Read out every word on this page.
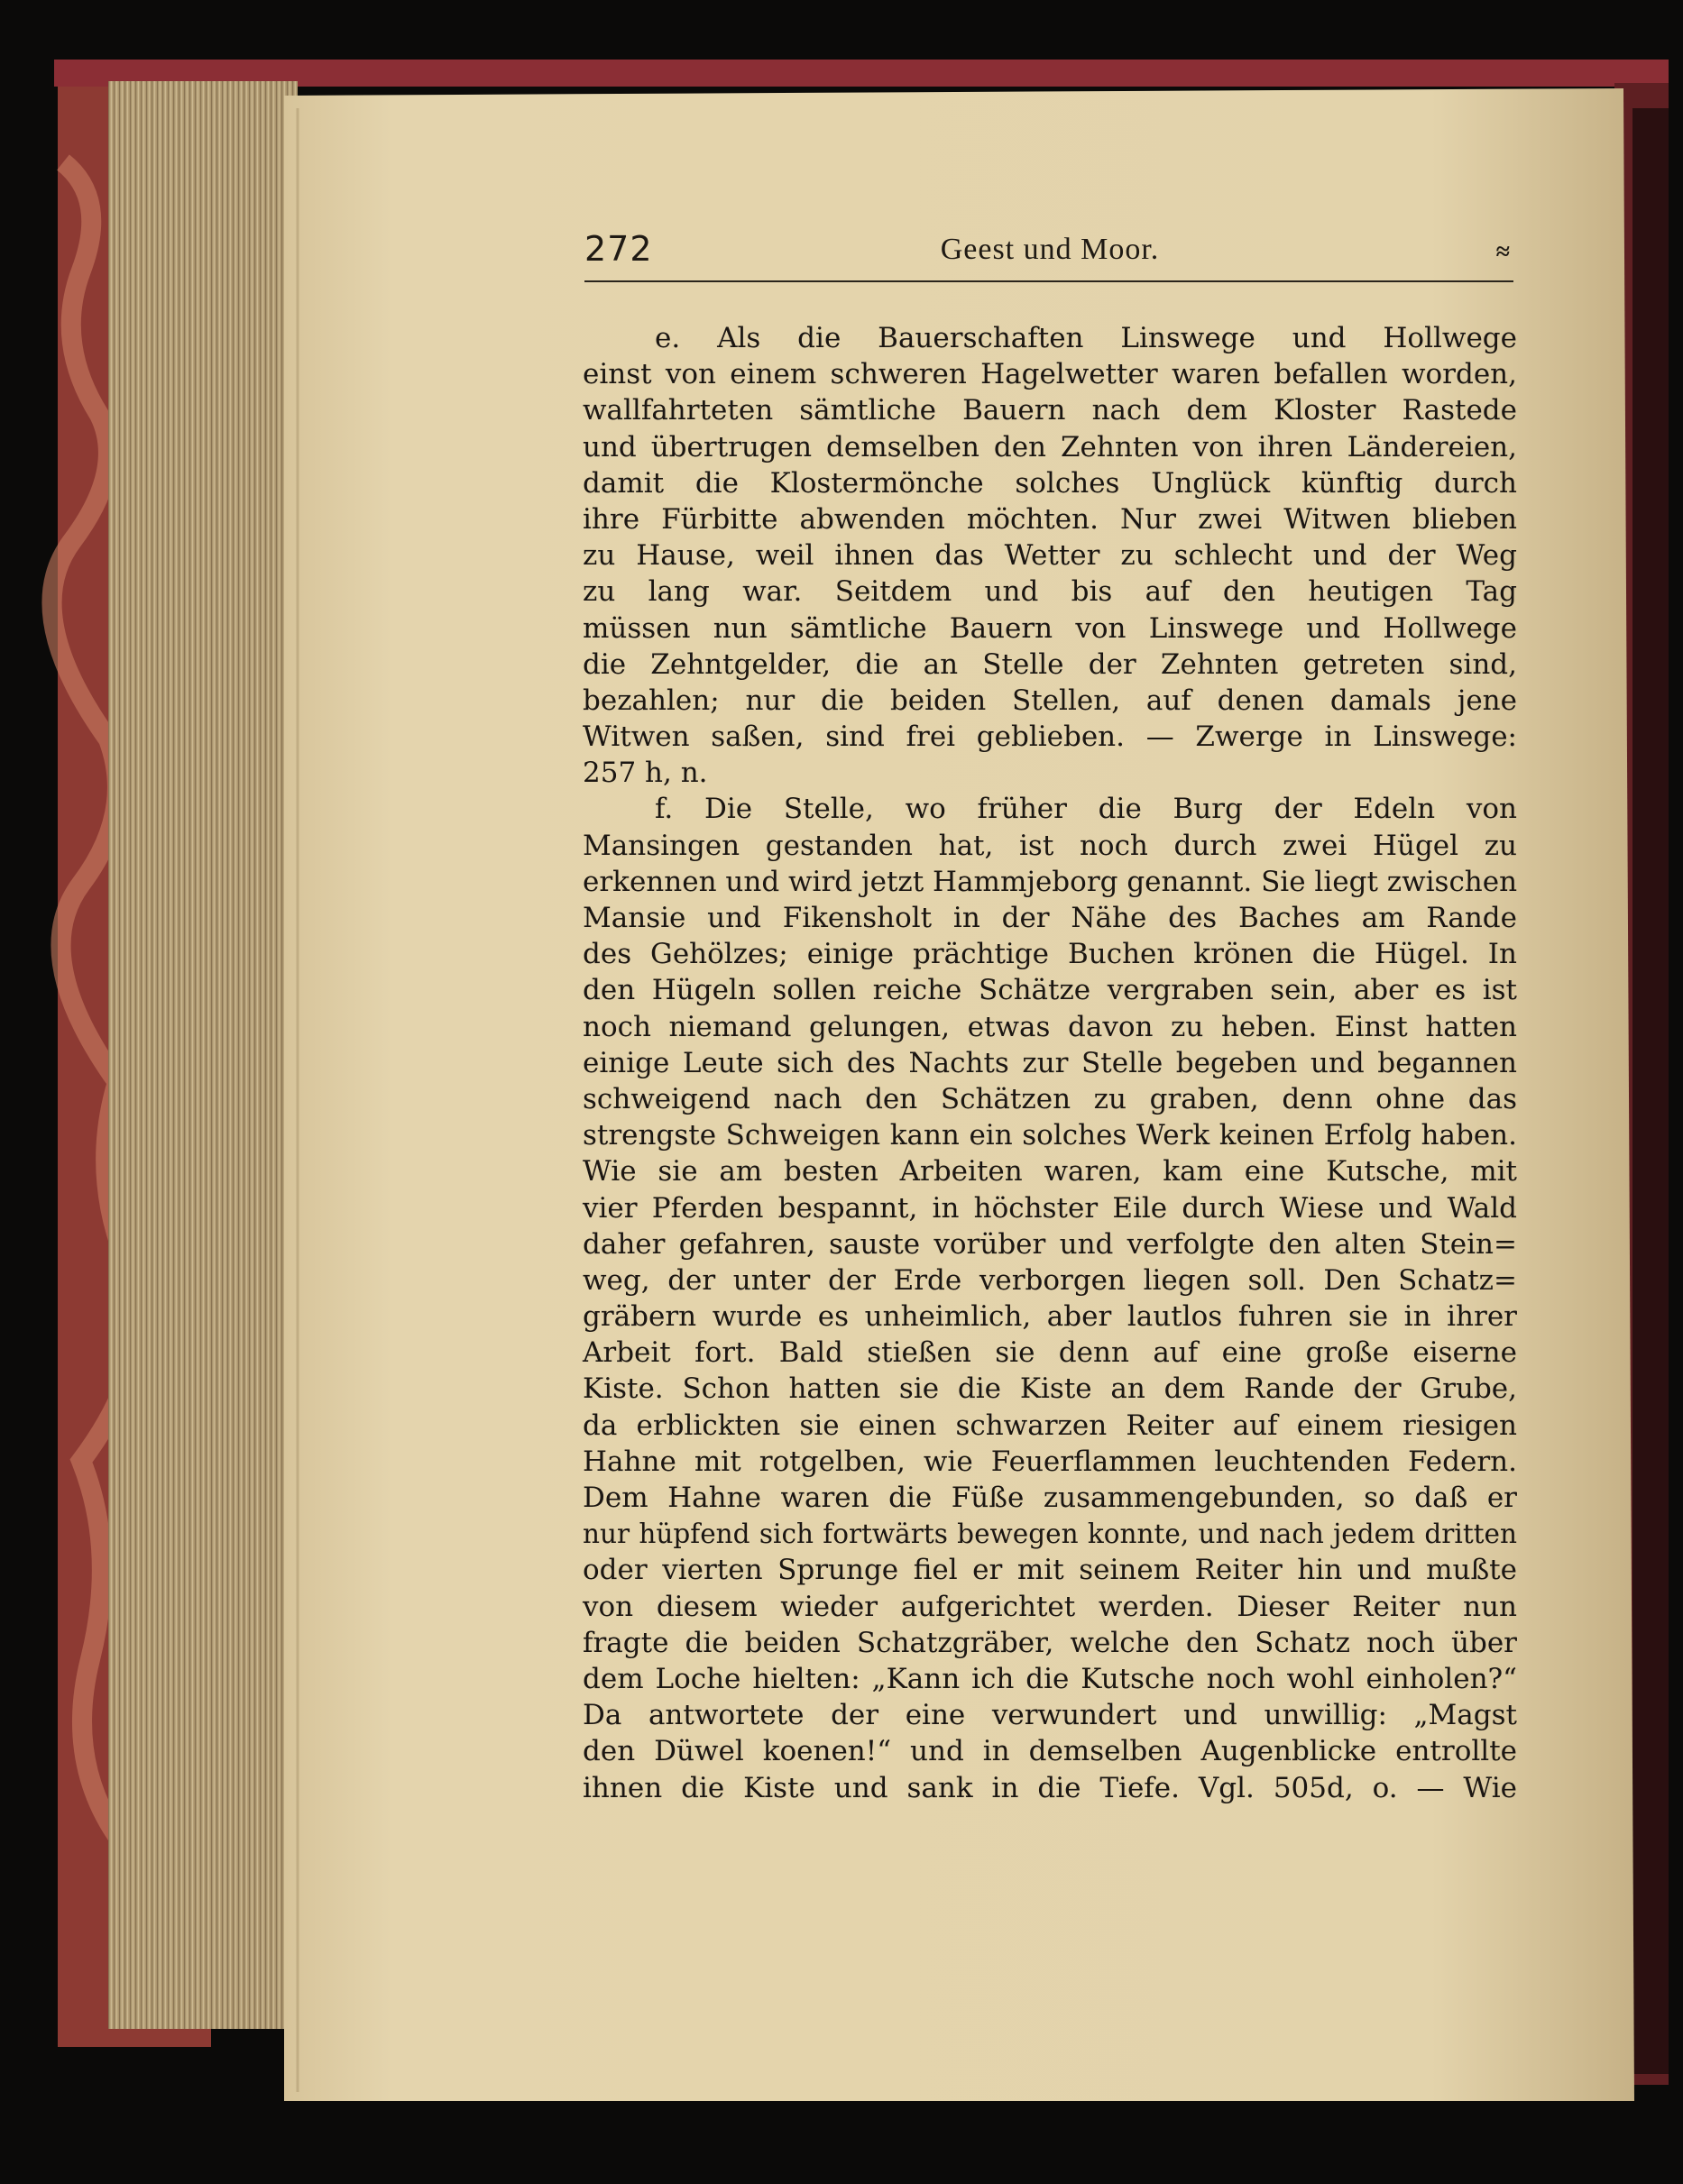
272	Geest und Moor.	≈
e. Als die Bauerschaften Linswege und Hollwege
einst von einem schweren Hagelwetter waren befallen worden,
wallfahrteten sämtliche Bauern nach dem Kloster Rastede
und übertrugen demselben den Zehnten von ihren Ländereien,
damit die Klostermönche solches Unglück künftig durch
ihre Fürbitte abwenden möchten. Nur zwei Witwen blieben
zu Hause, weil ihnen das Wetter zu schlecht und der Weg
zu lang war. Seitdem und bis auf den heutigen Tag
müssen nun sämtliche Bauern von Linswege und Hollwege
die Zehntgelder, die an Stelle der Zehnten getreten sind,
bezahlen; nur die beiden Stellen, auf denen damals jene
Witwen saßen, sind frei geblieben. — Zwerge in Linswege:
257 h, n.
f. Die Stelle, wo früher die Burg der Edeln von
Mansingen gestanden hat, ist noch durch zwei Hügel zu
erkennen und wird jetzt Hammjeborg genannt. Sie liegt zwischen
Mansie und Fikensholt in der Nähe des Baches am Rande
des Gehölzes; einige prächtige Buchen krönen die Hügel. In
den Hügeln sollen reiche Schätze vergraben sein, aber es ist
noch niemand gelungen, etwas davon zu heben. Einst hatten
einige Leute sich des Nachts zur Stelle begeben und begannen
schweigend nach den Schätzen zu graben, denn ohne das
strengste Schweigen kann ein solches Werk keinen Erfolg haben.
Wie sie am besten Arbeiten waren, kam eine Kutsche, mit
vier Pferden bespannt, in höchster Eile durch Wiese und Wald
daher gefahren, sauste vorüber und verfolgte den alten Stein=
weg, der unter der Erde verborgen liegen soll. Den Schatz=
gräbern wurde es unheimlich, aber lautlos fuhren sie in ihrer
Arbeit fort. Bald stießen sie denn auf eine große eiserne
Kiste. Schon hatten sie die Kiste an dem Rande der Grube,
da erblickten sie einen schwarzen Reiter auf einem riesigen
Hahne mit rotgelben, wie Feuerflammen leuchtenden Federn.
Dem Hahne waren die Füße zusammengebunden, so daß er
nur hüpfend sich fortwärts bewegen konnte, und nach jedem dritten
oder vierten Sprunge fiel er mit seinem Reiter hin und mußte
von diesem wieder aufgerichtet werden. Dieser Reiter nun
fragte die beiden Schatzgräber, welche den Schatz noch über
dem Loche hielten: „Kann ich die Kutsche noch wohl einholen?“
Da antwortete der eine verwundert und unwillig: „Magst
den Düwel koenen!“ und in demselben Augenblicke entrollte
ihnen die Kiste und sank in die Tiefe. Vgl. 505d, o. — Wie
